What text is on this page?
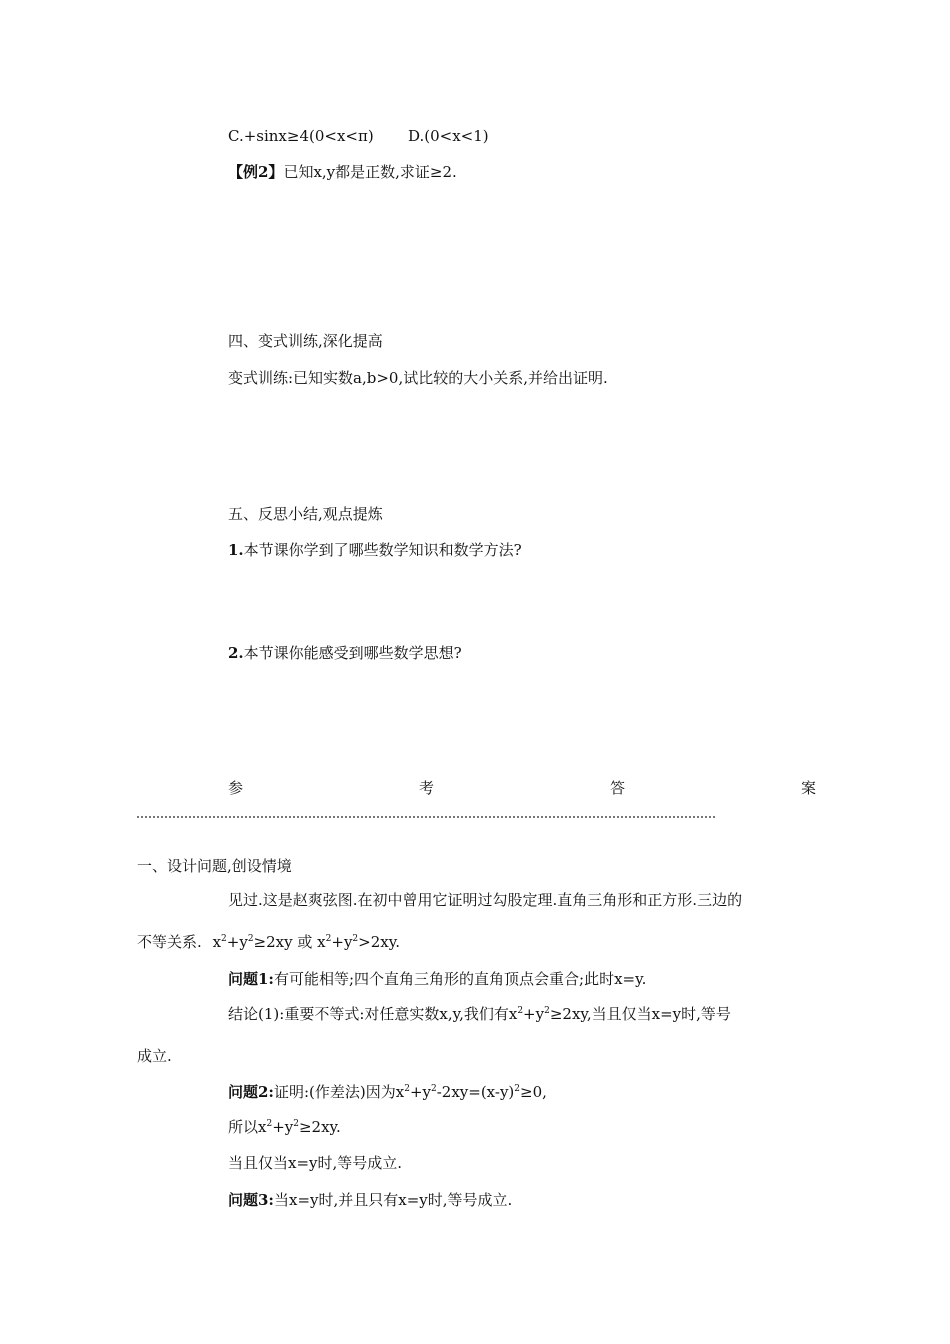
C.+sinx≥4(0<x<π) D.(0<x<1)
【例2】已知x,y都是正数,求证≥2.
四、变式训练,深化提高
变式训练:已知实数a,b>0,试比较的大小关系,并给出证明.
五、反思小结,观点提炼
1.本节课你学到了哪些数学知识和数学方法?
2.本节课你能感受到哪些数学思想?
参	考	答	案
一、设计问题,创设情境
见过.这是赵爽弦图.在初中曾用它证明过勾股定理.直角三角形和正方形.三边的
不等关系. $x^2+y^2\ge 2xy$ 或 $x^2+y^2>2xy$.
问题1:有可能相等;四个直角三角形的直角顶点会重合;此时x=y.
结论(1):重要不等式:对任意实数x,y,我们有$x^2+y^2\ge 2xy$,当且仅当x=y时,等号
成立.
问题2:证明:(作差法)因为$x^2+y^2-2xy=(x-y)^2\ge 0$,
所以$x^2+y^2\ge 2xy$.
当且仅当x=y时,等号成立.
问题3:当x=y时,并且只有x=y时,等号成立.
